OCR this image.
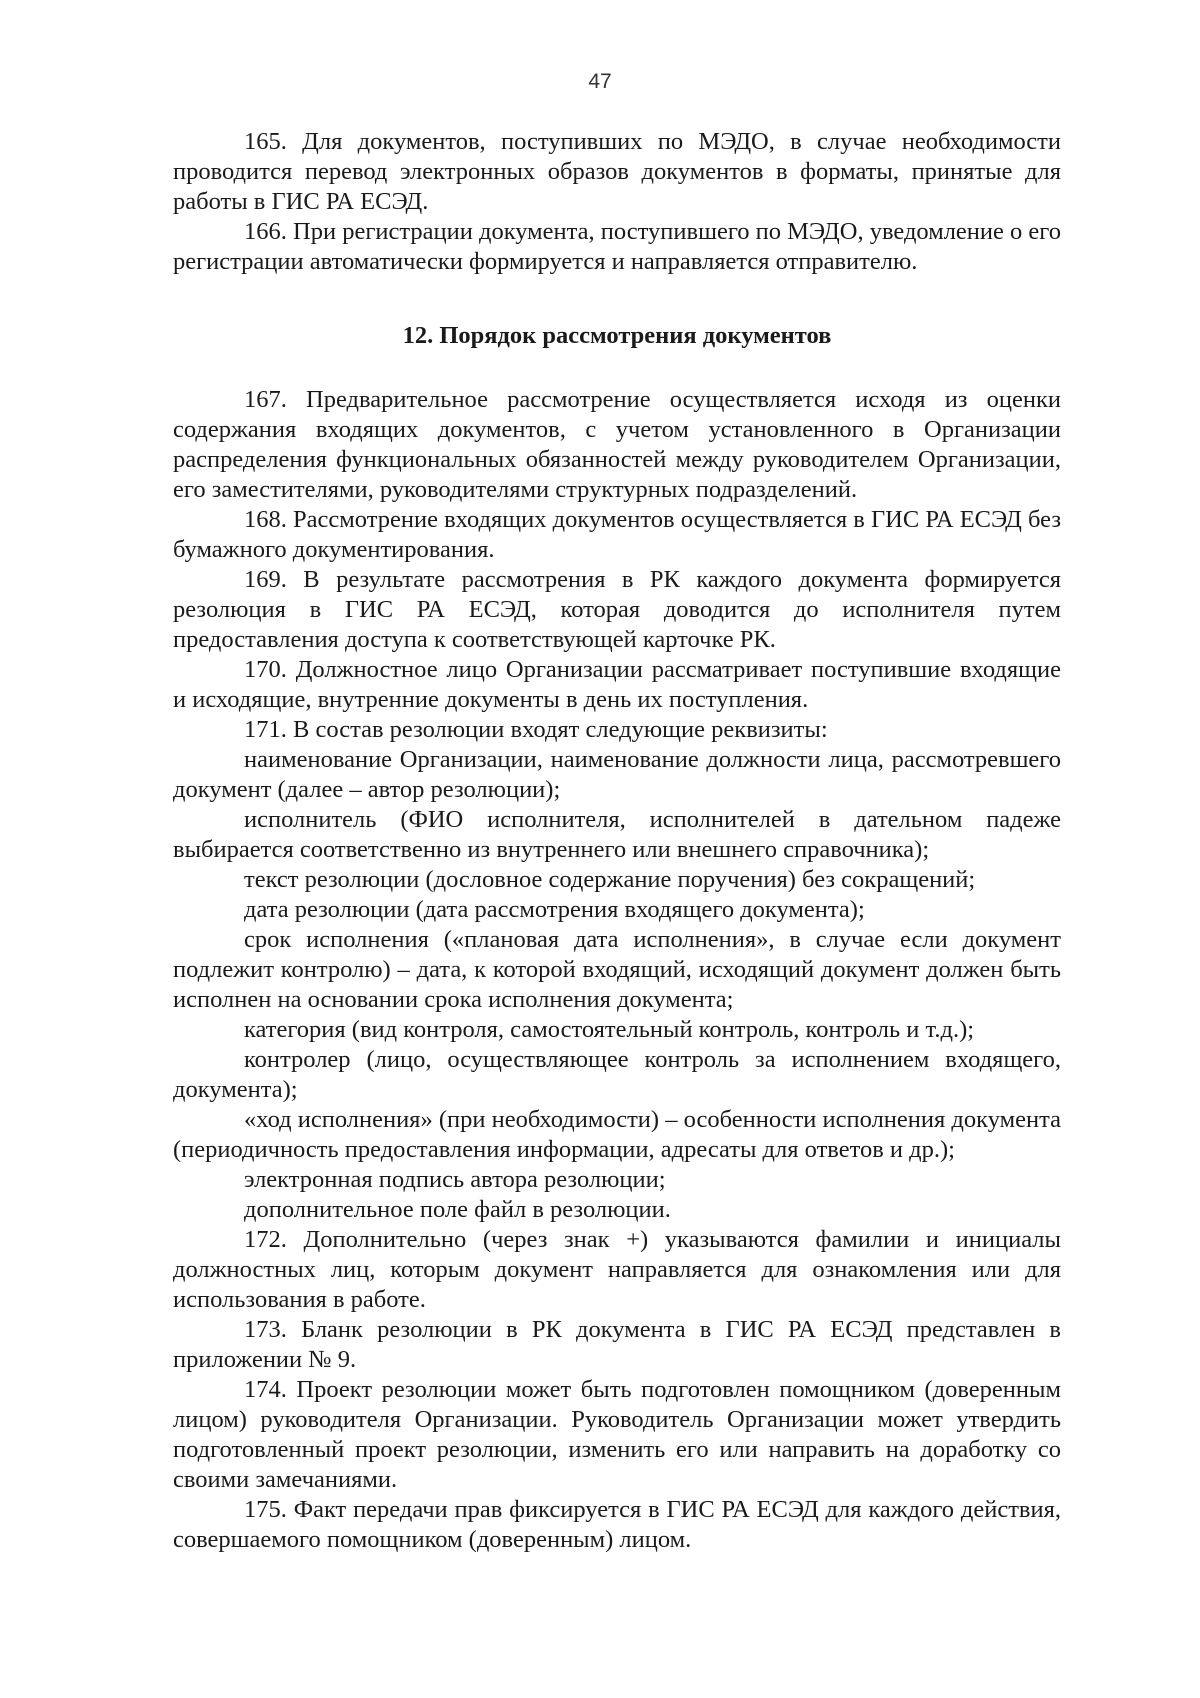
47

165. Для документов, поступивших по МЭДО, в случае необходимости проводится перевод электронных образов документов в форматы, принятые для работы в ГИС РА ЕСЭД.

166. При регистрации документа, поступившего по МЭДО, уведомление о его регистрации автоматически формируется и направляется отправителю.

12. Порядок рассмотрения документов

167. Предварительное рассмотрение осуществляется исходя из оценки содержания входящих документов, с учетом установленного в Организации распределения функциональных обязанностей между руководителем Организации, его заместителями, руководителями структурных подразделений.

168. Рассмотрение входящих документов осуществляется в ГИС РА ЕСЭД без бумажного документирования.

169. В результате рассмотрения в РК каждого документа формируется резолюция в ГИС РА ЕСЭД, которая доводится до исполнителя путем предоставления доступа к соответствующей карточке РК.

170. Должностное лицо Организации рассматривает поступившие входящие и исходящие, внутренние документы в день их поступления.

171. В состав резолюции входят следующие реквизиты:

наименование Организации, наименование должности лица, рассмотревшего документ (далее – автор резолюции);

исполнитель (ФИО исполнителя, исполнителей в дательном падеже выбирается соответственно из внутреннего или внешнего справочника);

текст резолюции (дословное содержание поручения) без сокращений;

дата резолюции (дата рассмотрения входящего документа);

срок исполнения («плановая дата исполнения», в случае если документ подлежит контролю) – дата, к которой входящий, исходящий документ должен быть исполнен на основании срока исполнения документа;

категория (вид контроля, самостоятельный контроль, контроль и т.д.);

контролер (лицо, осуществляющее контроль за исполнением входящего, документа);

«ход исполнения» (при необходимости) – особенности исполнения документа (периодичность предоставления информации, адресаты для ответов и др.);

электронная подпись автора резолюции;

дополнительное поле файл в резолюции.

172. Дополнительно (через знак +) указываются фамилии и инициалы должностных лиц, которым документ направляется для ознакомления или для использования в работе.

173. Бланк резолюции в РК документа в ГИС РА ЕСЭД представлен в приложении № 9.

174. Проект резолюции может быть подготовлен помощником (доверенным лицом) руководителя Организации. Руководитель Организации может утвердить подготовленный проект резолюции, изменить его или направить на доработку со своими замечаниями.

175. Факт передачи прав фиксируется в ГИС РА ЕСЭД для каждого действия, совершаемого помощником (доверенным) лицом.
